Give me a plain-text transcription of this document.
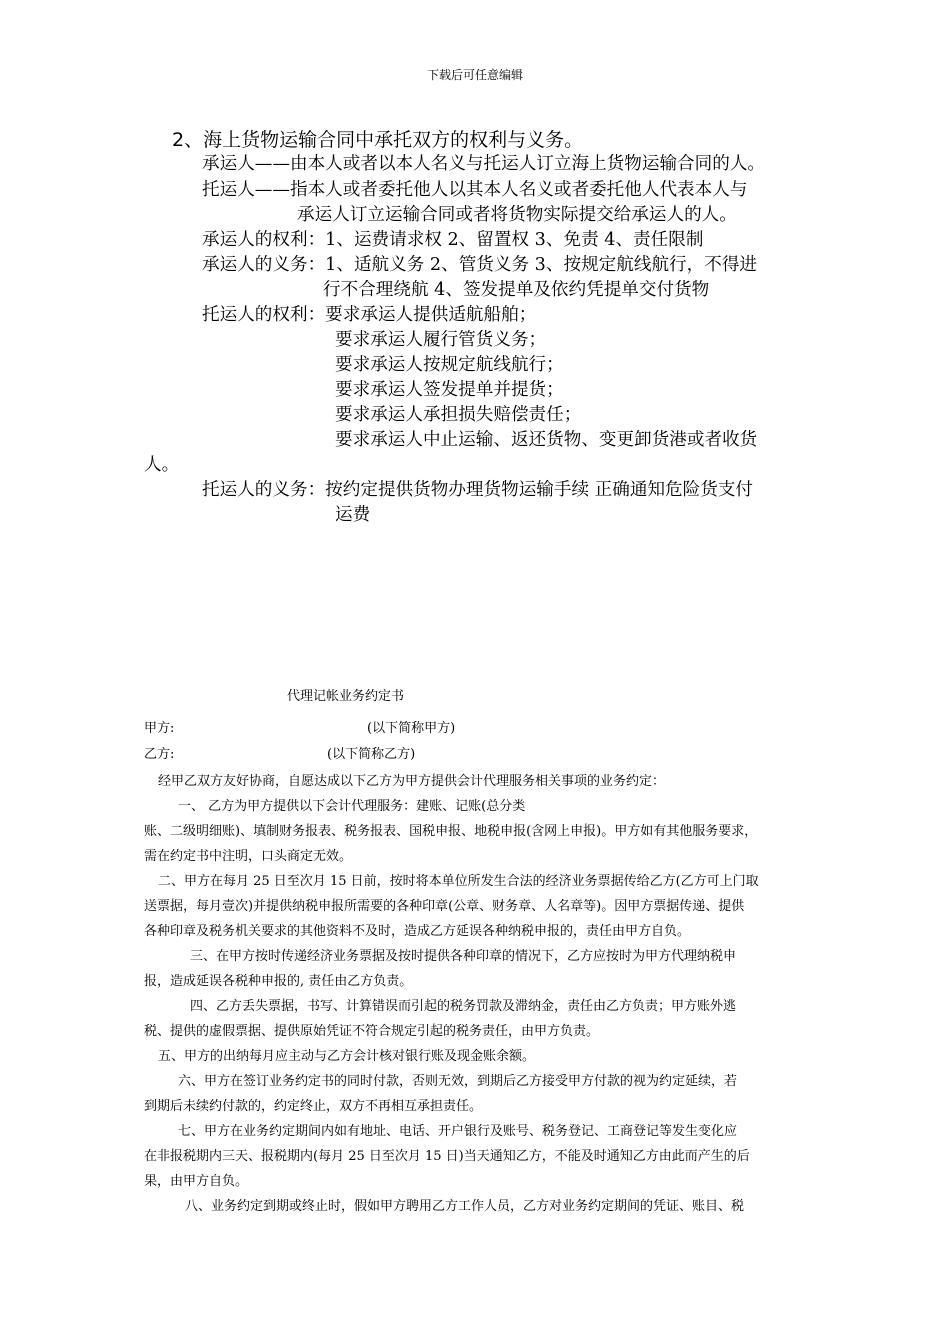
下载后可任意编辑
2、海上货物运输合同中承托双方的权利与义务。
承运人——由本人或者以本人名义与托运人订立海上货物运输合同的人。
托运人——指本人或者委托他人以其本人名义或者委托他人代表本人与
承运人订立运输合同或者将货物实际提交给承运人的人。
承运人的权利：1、运费请求权 2、留置权 3、免责 4、责任限制
承运人的义务：1、适航义务 2、管货义务 3、按规定航线航行，不得进
行不合理绕航 4、签发提单及依约凭提单交付货物
托运人的权利：要求承运人提供适航船舶；
要求承运人履行管货义务；
要求承运人按规定航线航行；
要求承运人签发提单并提货；
要求承运人承担损失赔偿责任；
要求承运人中止运输、返还货物、变更卸货港或者收货
人。
托运人的义务：按约定提供货物办理货物运输手续 正确通知危险货支付
运费
代理记帐业务约定书
甲方:	(以下简称甲方)
乙方:	(以下简称乙方)
经甲乙双方友好协商，自愿达成以下乙方为甲方提供会计代理服务相关事项的业务约定：
一、 乙方为甲方提供以下会计代理服务：建账、记账(总分类
账、二级明细账)、填制财务报表、税务报表、国税申报、地税申报(含网上申报)。甲方如有其他服务要求，
需在约定书中注明，口头商定无效。
二、甲方在每月 25 日至次月 15 日前，按时将本单位所发生合法的经济业务票据传给乙方(乙方可上门取
送票据，每月壹次)并提供纳税申报所需要的各种印章(公章、财务章、人名章等)。因甲方票据传递、提供
各种印章及税务机关要求的其他资料不及时，造成乙方延误各种纳税申报的，责任由甲方自负。
三、在甲方按时传递经济业务票据及按时提供各种印章的情况下，乙方应按时为甲方代理纳税申
报，造成延误各税种申报的, 责任由乙方负责。
四、乙方丢失票据，书写、计算错误而引起的税务罚款及滞纳金，责任由乙方负责；甲方账外逃
税、提供的虚假票据、提供原始凭证不符合规定引起的税务责任，由甲方负责。
五、甲方的出纳每月应主动与乙方会计核对银行账及现金账余额。
六、甲方在签订业务约定书的同时付款，否则无效，到期后乙方接受甲方付款的视为约定延续，若
到期后未续约付款的，约定终止，双方不再相互承担责任。
七、甲方在业务约定期间内如有地址、电话、开户银行及账号、税务登记、工商登记等发生变化应
在非报税期内三天、报税期内(每月 25 日至次月 15 日)当天通知乙方，不能及时通知乙方由此而产生的后
果，由甲方自负。
八、业务约定到期或终止时，假如甲方聘用乙方工作人员，乙方对业务约定期间的凭证、账目、税
